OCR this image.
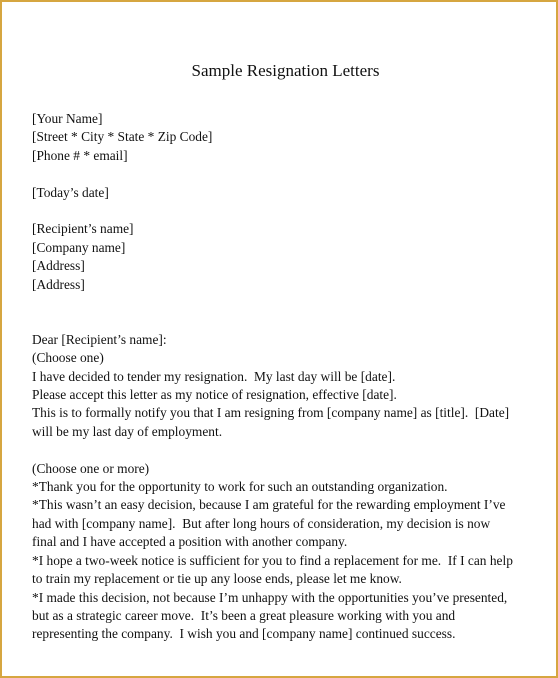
Sample Resignation Letters
[Your Name]
[Street * City * State * Zip Code]
[Phone # * email]
[Today’s date]
[Recipient’s name]
[Company name]
[Address]
[Address]
Dear [Recipient’s name]:
(Choose one)
I have decided to tender my resignation.  My last day will be [date].
Please accept this letter as my notice of resignation, effective [date].
This is to formally notify you that I am resigning from [company name] as [title].  [Date]
will be my last day of employment.
(Choose one or more)
*Thank you for the opportunity to work for such an outstanding organization.
*This wasn’t an easy decision, because I am grateful for the rewarding employment I’ve
had with [company name].  But after long hours of consideration, my decision is now
final and I have accepted a position with another company.
*I hope a two-week notice is sufficient for you to find a replacement for me.  If I can help
to train my replacement or tie up any loose ends, please let me know.
*I made this decision, not because I’m unhappy with the opportunities you’ve presented,
but as a strategic career move.  It’s been a great pleasure working with you and
representing the company.  I wish you and [company name] continued success.
